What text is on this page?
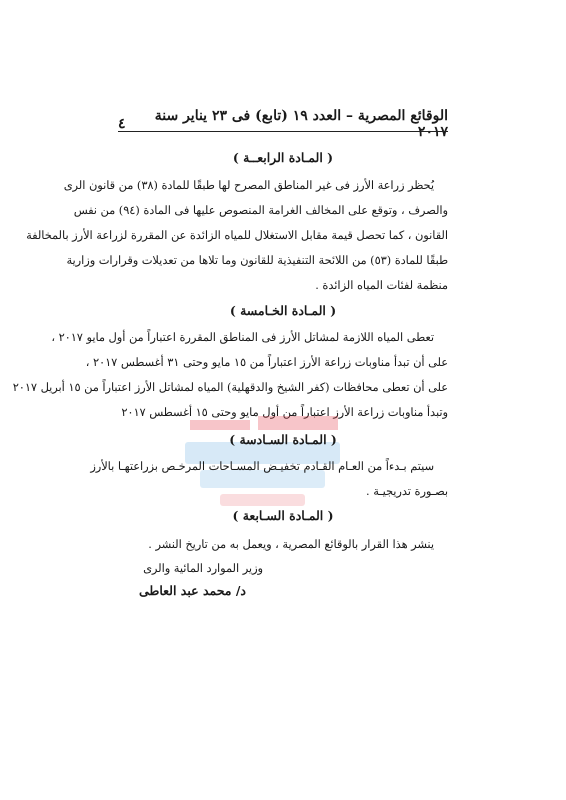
الوقائع المصرية – العدد ١٩ (تابع) فى ٢٣ يناير سنة ٢٠١٧
٤
( المـادة الرابعــة )
يُحظر زراعة الأرز فى غير المناطق المصرح لها طبقًا للمادة (٣٨) من قانون الرى
والصرف ، وتوقع على المخالف الغرامة المنصوص عليها فى المادة (٩٤) من نفس
القانون ، كما تحصل قيمة مقابل الاستغلال للمياه الزائدة عن المقررة لزراعة الأرز بالمخالفة
طبقًا للمادة (٥٣) من اللائحة التنفيذية للقانون وما تلاها من تعديلات وقرارات وزارية
منظمة لفئات المياه الزائدة .
( المـادة الخـامسة )
تعطى المياه اللازمة لمشاتل الأرز فى المناطق المقررة اعتباراً من أول مايو ٢٠١٧ ،
على أن تبدأ مناوبات زراعة الأرز اعتباراً من ١٥ مايو وحتى ٣١ أغسطس ٢٠١٧ ،
على أن تعطى محافظات (كفر الشيخ والدقهلية) المياه لمشاتل الأرز اعتباراً من ١٥ أبريل ٢٠١٧
وتبدأ مناوبات زراعة الأرز اعتباراً من أول مايو وحتى ١٥ أغسطس ٢٠١٧
( المـادة السـادسة )
سيتم بـدءاً من العـام القـادم تخفيـض المسـاحات المرخـص بزراعتهـا بالأرز
بصـورة تدريجيـة .
( المـادة السـابعة )
ينشر هذا القرار بالوقائع المصرية ، ويعمل به من تاريخ النشر .
وزير الموارد المائية والرى
د/ محمد عبد العاطى
